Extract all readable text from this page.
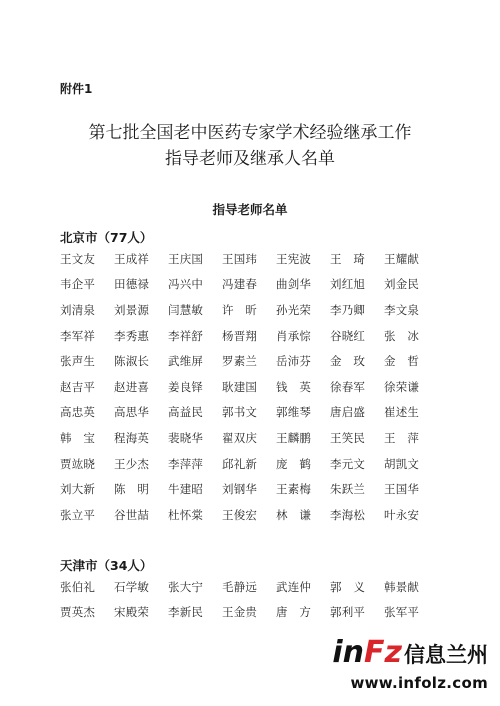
附件1
第七批全国老中医药专家学术经验继承工作
指导老师及继承人名单
指导老师名单
北京市（77人）
王文友	王成祥	王庆国	王国玮	王宪波	王　琦	王耀献
韦企平	田德禄	冯兴中	冯建春	曲剑华	刘红旭	刘金民
刘清泉	刘景源	闫慧敏	许　昕	孙光荣	李乃卿	李文泉
李军祥	李秀惠	李祥舒	杨晋翔	肖承悰	谷晓红	张　冰
张声生	陈淑长	武维屏	罗素兰	岳沛芬	金　玫	金　哲
赵吉平	赵进喜	姜良铎	耿建国	钱　英	徐春军	徐荣谦
高忠英	高思华	高益民	郭书文	郭维琴	唐启盛	崔述生
韩　宝	程海英	裴晓华	翟双庆	王麟鹏	王笑民	王　萍
贾竑晓	王少杰	李萍萍	邱礼新	庞　鹤	李元文	胡凯文
刘大新	陈　明	牛建昭	刘钢华	王素梅	朱跃兰	王国华
张立平	谷世喆	杜怀棠	王俊宏	林　谦	李海松	叶永安
天津市（34人）
张伯礼	石学敏	张大宁	毛静远	武连仲	郭　义	韩景献
贾英杰	宋殿荣	李新民	王金贵	唐　方	郭利平	张军平
in Fz 信息兰州
www.infolz.com
